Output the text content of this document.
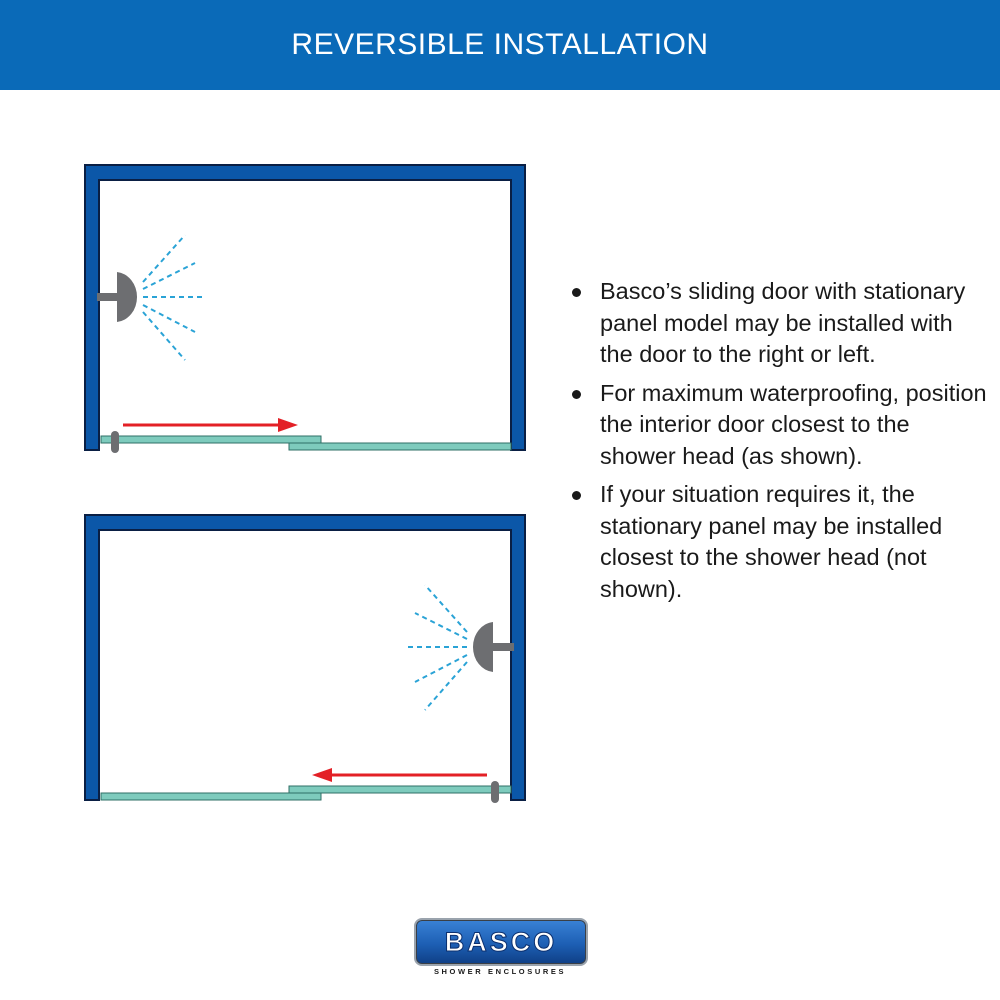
REVERSIBLE INSTALLATION
Basco’s sliding door with stationary panel model may be installed with the door to the right or left.
For maximum waterproofing, position the interior door closest to the shower head (as shown).
If your situation requires it, the stationary panel may be installed closest to the shower head (not shown).
BASCO
SHOWER ENCLOSURES
